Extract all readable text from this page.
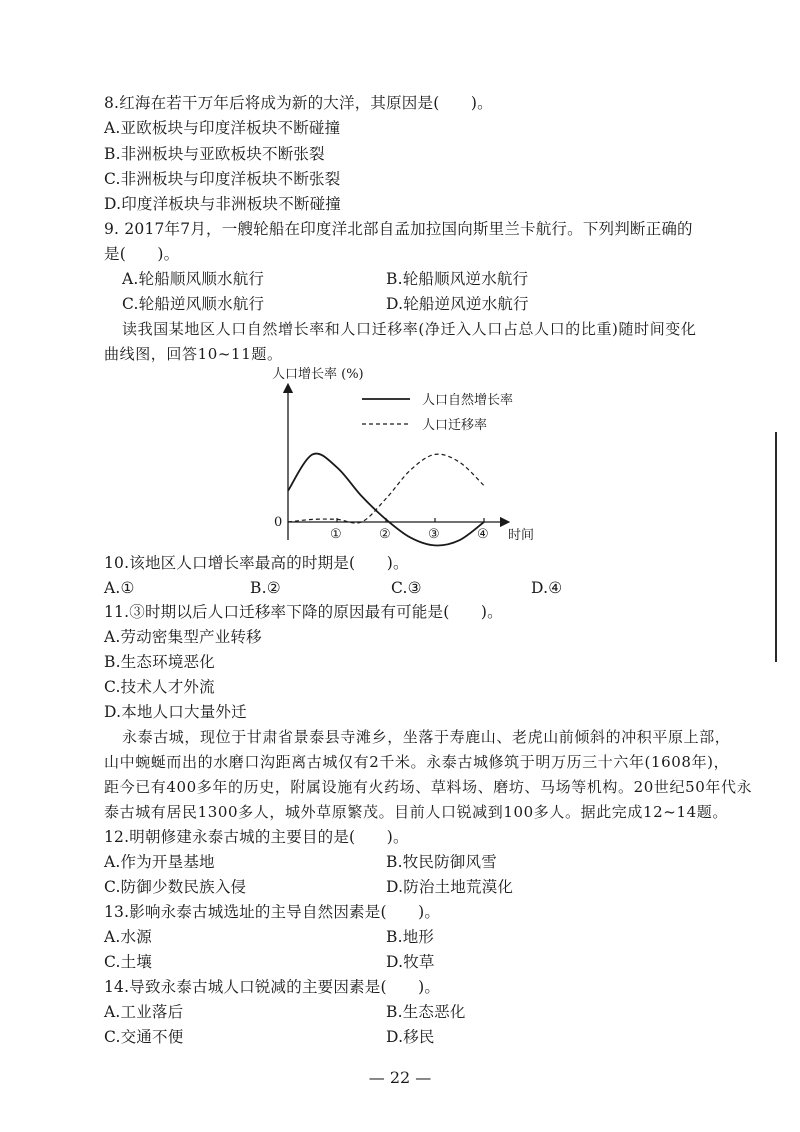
8.红海在若干万年后将成为新的大洋，其原因是(　　)。
A.亚欧板块与印度洋板块不断碰撞
B.非洲板块与亚欧板块不断张裂
C.非洲板块与印度洋板块不断张裂
D.印度洋板块与非洲板块不断碰撞
9. 2017年7月，一艘轮船在印度洋北部自孟加拉国向斯里兰卡航行。下列判断正确的
是(　　)。
A.轮船顺风顺水航行	B.轮船顺风逆水航行
C.轮船逆风顺水航行	D.轮船逆风逆水航行
读我国某地区人口自然增长率和人口迁移率(净迁入人口占总人口的比重)随时间变化
曲线图，回答10~11题。
人口增长率 (%)
0
时间
人口自然增长率
人口迁移率
①	②	③	④
10.该地区人口增长率最高的时期是(　　)。
A.①	B.②	C.③	D.④
11.③时期以后人口迁移率下降的原因最有可能是(　　)。
A.劳动密集型产业转移
B.生态环境恶化
C.技术人才外流
D.本地人口大量外迁
永泰古城，现位于甘肃省景泰县寺滩乡，坐落于寿鹿山、老虎山前倾斜的冲积平原上部，
山中蜿蜒而出的水磨口沟距离古城仅有2千米。永泰古城修筑于明万历三十六年(1608年)，
距今已有400多年的历史，附属设施有火药场、草料场、磨坊、马场等机构。20世纪50年代永
泰古城有居民1300多人，城外草原繁茂。目前人口锐减到100多人。据此完成12~14题。
12.明朝修建永泰古城的主要目的是(　　)。
A.作为开垦基地	B.牧民防御风雪
C.防御少数民族入侵	D.防治土地荒漠化
13.影响永泰古城选址的主导自然因素是(　　)。
A.水源	B.地形
C.土壤	D.牧草
14.导致永泰古城人口锐减的主要因素是(　　)。
A.工业落后	B.生态恶化
C.交通不便	D.移民
— 22 —
